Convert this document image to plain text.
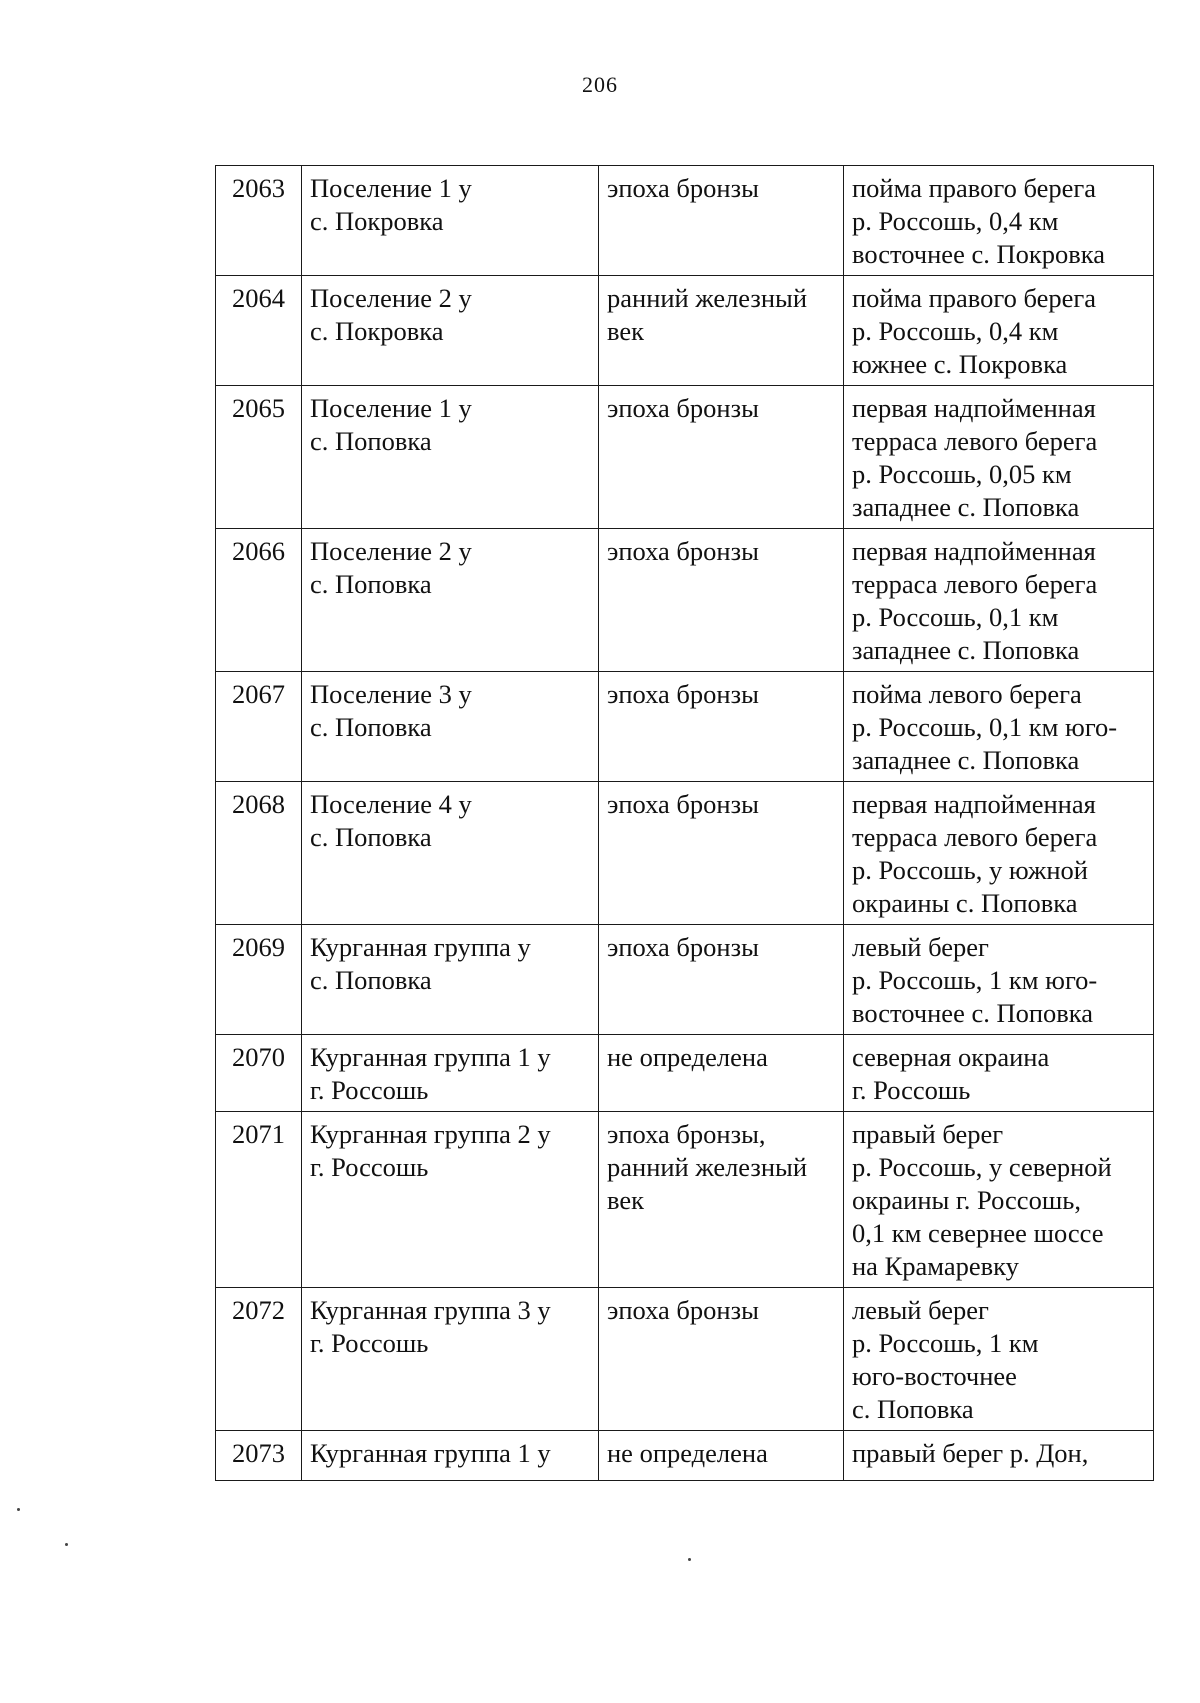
206
2063	Поселение 1 у
с. Покровка	эпоха бронзы	пойма правого берега
р. Россошь, 0,4 км
восточнее с. Покровка
2064	Поселение 2 у
с. Покровка	ранний железный
век	пойма правого берега
р. Россошь, 0,4 км
южнее с. Покровка
2065	Поселение 1 у
с. Поповка	эпоха бронзы	первая надпойменная
терраса левого берега
р. Россошь, 0,05 км
западнее с. Поповка
2066	Поселение 2 у
с. Поповка	эпоха бронзы	первая надпойменная
терраса левого берега
р. Россошь, 0,1 км
западнее с. Поповка
2067	Поселение 3 у
с. Поповка	эпоха бронзы	пойма левого берега
р. Россошь, 0,1 км юго-
западнее с. Поповка
2068	Поселение 4 у
с. Поповка	эпоха бронзы	первая надпойменная
терраса левого берега
р. Россошь, у южной
окраины с. Поповка
2069	Курганная группа у
с. Поповка	эпоха бронзы	левый берег
р. Россошь, 1 км юго-
восточнее с. Поповка
2070	Курганная группа 1 у
г. Россошь	не определена	северная окраина
г. Россошь
2071	Курганная группа 2 у
г. Россошь	эпоха бронзы,
ранний железный
век	правый берег
р. Россошь, у северной
окраины г. Россошь,
0,1 км севернее шоссе
на Крамаревку
2072	Курганная группа 3 у
г. Россошь	эпоха бронзы	левый берег
р. Россошь, 1 км
юго-восточнее
с. Поповка
2073	Курганная группа 1 у	не определена	правый берег р. Дон,
